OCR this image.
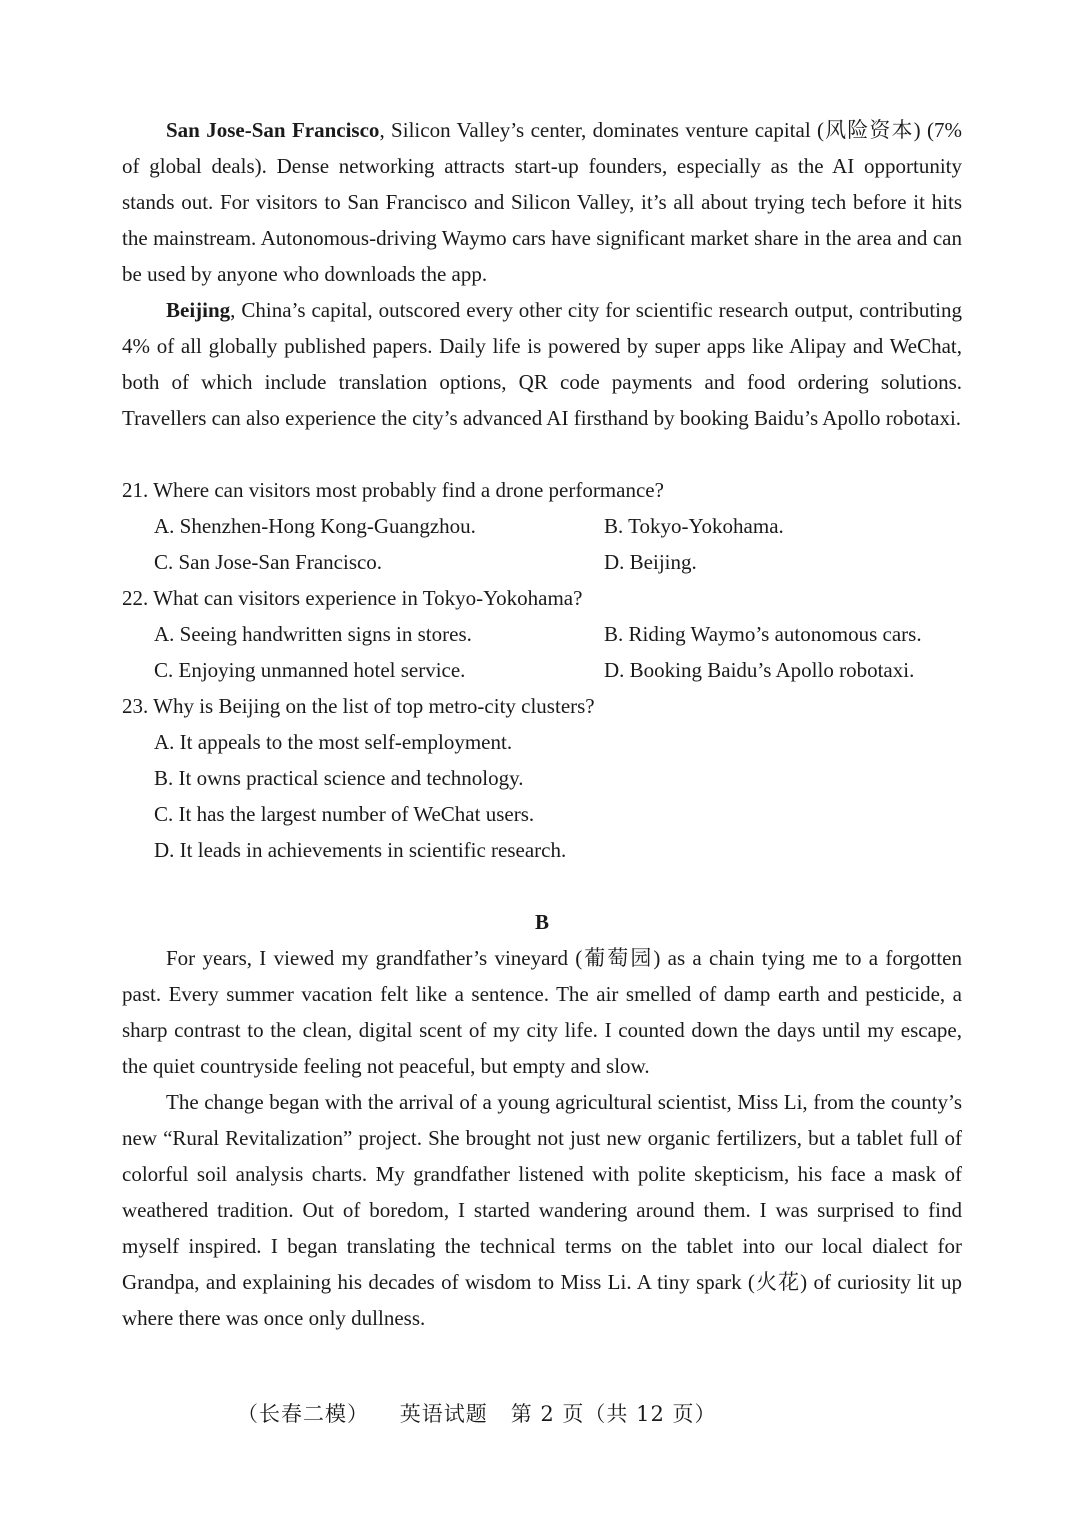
San Jose-San Francisco, Silicon Valley’s center, dominates venture capital (风险资本) (7% of global deals). Dense networking attracts start-up founders, especially as the AI opportunity stands out. For visitors to San Francisco and Silicon Valley, it’s all about trying tech before it hits the mainstream. Autonomous-driving Waymo cars have significant market share in the area and can be used by anyone who downloads the app.

Beijing, China’s capital, outscored every other city for scientific research output, contributing 4% of all globally published papers. Daily life is powered by super apps like Alipay and WeChat, both of which include translation options, QR code payments and food ordering solutions. Travellers can also experience the city’s advanced AI firsthand by booking Baidu’s Apollo robotaxi.

21. Where can visitors most probably find a drone performance?

A. Shenzhen-Hong Kong-Guangzhou.	B. Tokyo-Yokohama.
C. San Jose-San Francisco.	D. Beijing.

22. What can visitors experience in Tokyo-Yokohama?

A. Seeing handwritten signs in stores.	B. Riding Waymo’s autonomous cars.
C. Enjoying unmanned hotel service.	D. Booking Baidu’s Apollo robotaxi.

23. Why is Beijing on the list of top metro-city clusters?

A. It appeals to the most self-employment.
B. It owns practical science and technology.
C. It has the largest number of WeChat users.
D. It leads in achievements in scientific research.
B

For years, I viewed my grandfather’s vineyard (葡萄园) as a chain tying me to a forgotten past. Every summer vacation felt like a sentence. The air smelled of damp earth and pesticide, a sharp contrast to the clean, digital scent of my city life. I counted down the days until my escape, the quiet countryside feeling not peaceful, but empty and slow.

The change began with the arrival of a young agricultural scientist, Miss Li, from the county’s new “Rural Revitalization” project. She brought not just new organic fertilizers, but a tablet full of colorful soil analysis charts. My grandfather listened with polite skepticism, his face a mask of weathered tradition. Out of boredom, I started wandering around them. I was surprised to find myself inspired. I began translating the technical terms on the tablet into our local dialect for Grandpa, and explaining his decades of wisdom to Miss Li. A tiny spark (火花) of curiosity lit up where there was once only dullness.

（长春二模）    英语试题   第 2 页（共 12 页）
